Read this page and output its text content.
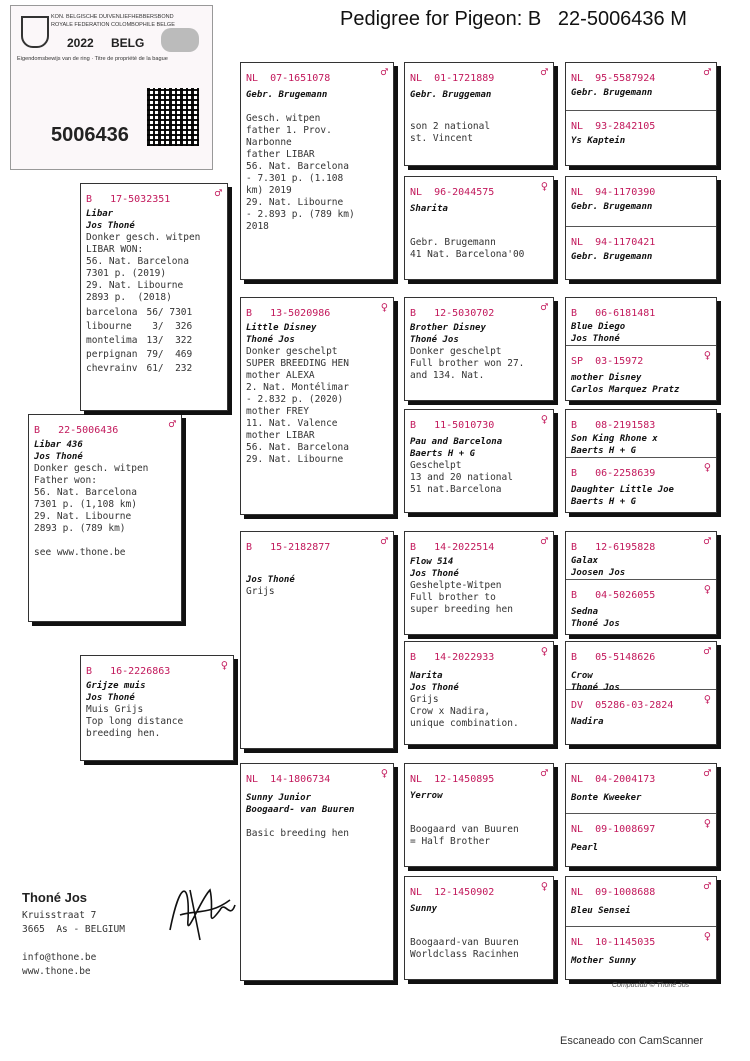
Pedigree for Pigeon: B   22-5006436 M
KON. BELGISCHE DUIVENLIEFHEBBERSBOND
ROYALE FEDERATION COLOMBOPHILE BELGE
2022 BELG
Eigendomsbewijs van de ring · Titre de propriété de la bague
5006436
B   22-5006436	♂
Libar 436
Jos Thoné
Donker gesch. witpen
Father won:
56. Nat. Barcelona
7301 p. (1,108 km)
29. Nat. Libourne
2893 p. (789 km)

see www.thone.be
B   17-5032351	♂
Libar
Jos Thoné
Donker gesch. witpen
LIBAR WON:
56. Nat. Barcelona
7301 p. (2019)
29. Nat. Libourne
2893 p.  (2018)
barcelona	56/ 7301
libourne	3/  326
montelima	13/  322
perpignan	79/  469
chevrainv	61/  232
B   16-2226863	♀
Grijze muis
Jos Thoné
Muis Grijs
Top long distance
breeding hen.
NL  07-1651078	♂
Gebr. Brugemann
Gesch. witpen
father 1. Prov.
Narbonne
father LIBAR
56. Nat. Barcelona
- 7.301 p. (1.108
km) 2019
29. Nat. Libourne
- 2.893 p. (789 km)
2018
B   13-5020986	♀
Little Disney
Thoné Jos
Donker geschelpt
SUPER BREEDING HEN
mother ALEXA
2. Nat. Montélimar
- 2.832 p. (2020)
mother FREY
11. Nat. Valence
mother LIBAR
56. Nat. Barcelona
29. Nat. Libourne
B   15-2182877	♂
Jos Thoné
Grijs
NL  14-1806734	♀
Sunny Junior
Boogaard- van Buuren
Basic breeding hen
NL  01-1721889	♂
Gebr. Bruggeman
son 2 national
st. Vincent
NL  96-2044575	♀
Sharita
Gebr. Brugemann
41 Nat. Barcelona'00
B   12-5030702	♂
Brother Disney
Thoné Jos
Donker geschelpt
Full brother won 27.
and 134. Nat.
B   11-5010730	♀
Pau and Barcelona
Baerts H + G
Geschelpt
13 and 20 national
51 nat.Barcelona
B   14-2022514	♂
Flow 514
Jos Thoné
Geshelpte-Witpen
Full brother to
super breeding hen
B   14-2022933	♀
Narita
Jos Thoné
Grijs
Crow x Nadira,
unique combination.
NL  12-1450895	♂
Yerrow
Boogaard van Buuren
= Half Brother
NL  12-1450902	♀
Sunny
Boogaard-van Buuren
Worldclass Racinhen
NL  95-5587924	♂
Gebr. Brugemann
NL  93-2842105
Ys Kaptein
NL  94-1170390
Gebr. Brugemann
NL  94-1170421
Gebr. Brugemann
B   06-6181481
Blue Diego
Jos Thoné
SP  03-15972	♀
mother Disney
Carlos Marquez Pratz
B   08-2191583
Son King Rhone x
Baerts H + G
B   06-2258639	♀
Daughter Little Joe
Baerts H + G
B   12-6195828	♂
Galax
Joosen Jos
B   04-5026055	♀
Sedna
Thoné Jos
B   05-5148626	♂
Crow
Thoné Jos
DV  05286-03-2824	♀
Nadira
NL  04-2004173	♂
Bonte Kweeker
NL  09-1008697	♀
Pearl
NL  09-1008688	♂
Bleu Sensei
NL  10-1145035	♀
Mother Sunny
Thoné Jos
Kruisstraat 7
3665  As - BELGIUM
info@thone.be
www.thone.be
Compuclub © Thoné Jos
Escaneado con CamScanner
